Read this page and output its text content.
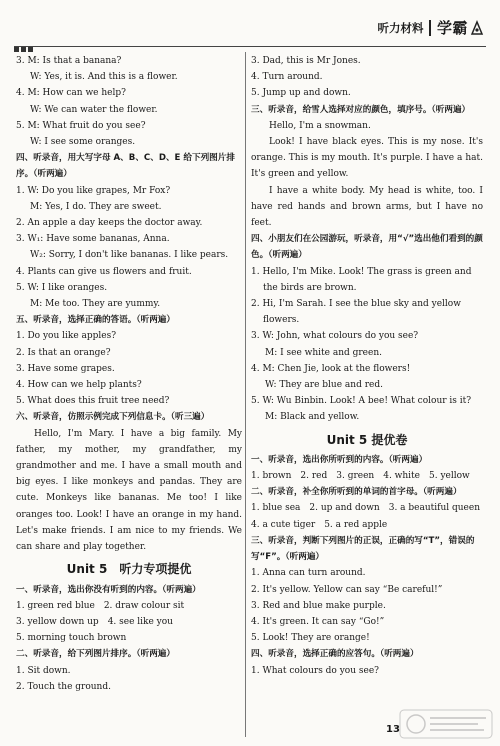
听力材料 学霸
3. M: Is that a banana?
W: Yes, it is. And this is a flower.
4. M: How can we help?
W: We can water the flower.
5. M: What fruit do you see?
W: I see some oranges.
四、听录音，用大写字母 A、B、C、D、E 给下列图片排序。（听两遍）
1. W: Do you like grapes, Mr Fox?
M: Yes, I do. They are sweet.
2. An apple a day keeps the doctor away.
3. W₁: Have some bananas, Anna.
W₂: Sorry, I don't like bananas. I like pears.
4. Plants can give us flowers and fruit.
5. W: I like oranges.
M: Me too. They are yummy.
五、听录音，选择正确的答语。（听两遍）
1. Do you like apples?
2. Is that an orange?
3. Have some grapes.
4. How can we help plants?
5. What does this fruit tree need?
六、听录音，仿照示例完成下列信息卡。（听三遍）
Hello, I'm Mary. I have a big family. My father, my mother, my grandfather, my grandmother and me. I have a small mouth and big eyes. I like monkeys and pandas. They are cute. Monkeys like bananas. Me too! I like oranges too. Look! I have an orange in my hand. Let's make friends. I am nice to my friends. We can share and play together.
Unit 5　听力专项提优
一、听录音，选出你没有听到的内容。（听两遍）
1. green red blue　2. draw colour sit
3. yellow down up　4. see like you
5. morning touch brown
二、听录音，给下列图片排序。（听两遍）
1. Sit down.
2. Touch the ground.
3. Dad, this is Mr Jones.
4. Turn around.
5. Jump up and down.
三、听录音，给雪人选择对应的颜色，填序号。（听两遍）
Hello, I'm a snowman.
Look! I have black eyes. This is my nose. It's orange. This is my mouth. It's purple. I have a hat. It's green and yellow.
I have a white body. My head is white, too. I have red hands and brown arms, but I have no feet.
四、小朋友们在公园游玩，听录音，用“√”选出他们看到的颜色。（听两遍）
1. Hello, I'm Mike. Look! The grass is green and the birds are brown.
2. Hi, I'm Sarah. I see the blue sky and yellow flowers.
3. W: John, what colours do you see?
M: I see white and green.
4. M: Chen Jie, look at the flowers!
W: They are blue and red.
5. W: Wu Binbin. Look! A bee! What colour is it?
M: Black and yellow.
Unit 5 提优卷
一、听录音，选出你所听到的内容。（听两遍）
1. brown　2. red　3. green　4. white　5. yellow
二、听录音，补全你所听到的单词的首字母。（听两遍）
1. blue sea　2. up and down　3. a beautiful queen
4. a cute tiger　5. a red apple
三、听录音，判断下列图片的正误，正确的写“T”，错误的写“F”。（听两遍）
1. Anna can turn around.
2. It's yellow. Yellow can say “Be careful!”
3. Red and blue make purple.
4. It's green. It can say “Go!”
5. Look! They are orange!
四、听录音，选择正确的应答句。（听两遍）
1. What colours do you see?
13
